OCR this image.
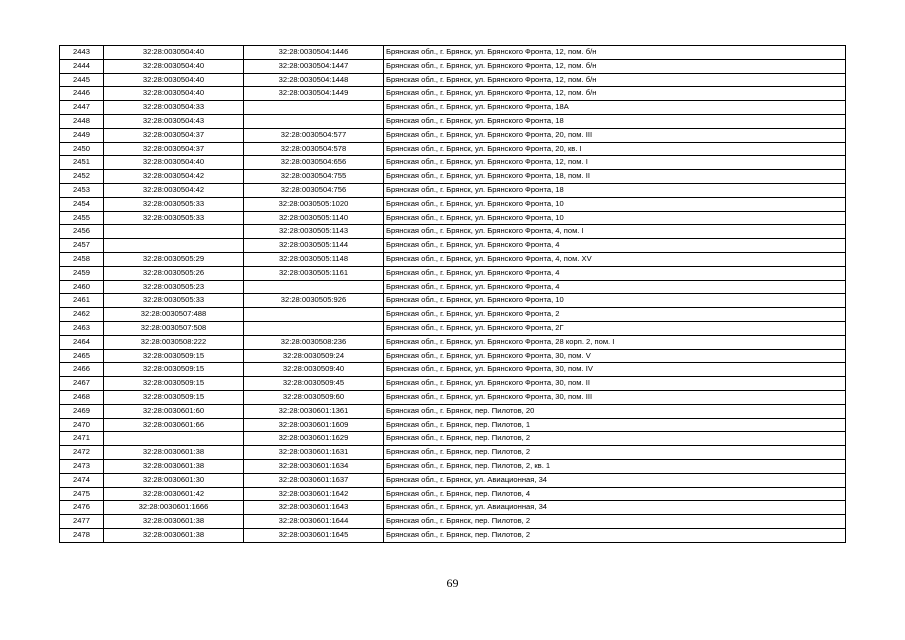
2443	32:28:0030504:40	32:28:0030504:1446	Брянская обл., г. Брянск, ул. Брянского Фронта, 12, пом. б/н
2444	32:28:0030504:40	32:28:0030504:1447	Брянская обл., г. Брянск, ул. Брянского Фронта, 12, пом. б/н
2445	32:28:0030504:40	32:28:0030504:1448	Брянская обл., г. Брянск, ул. Брянского Фронта, 12, пом. б/н
2446	32:28:0030504:40	32:28:0030504:1449	Брянская обл., г. Брянск, ул. Брянского Фронта, 12, пом. б/н
2447	32:28:0030504:33		Брянская обл., г. Брянск, ул. Брянского Фронта, 18А
2448	32:28:0030504:43		Брянская обл., г. Брянск, ул. Брянского Фронта, 18
2449	32:28:0030504:37	32:28:0030504:577	Брянская обл., г. Брянск, ул. Брянского Фронта, 20, пом. III
2450	32:28:0030504:37	32:28:0030504:578	Брянская обл., г. Брянск, ул. Брянского Фронта, 20, кв. I
2451	32:28:0030504:40	32:28:0030504:656	Брянская обл., г. Брянск, ул. Брянского Фронта, 12, пом. I
2452	32:28:0030504:42	32:28:0030504:755	Брянская обл., г. Брянск, ул. Брянского Фронта, 18, пом. II
2453	32:28:0030504:42	32:28:0030504:756	Брянская обл., г. Брянск, ул. Брянского Фронта, 18
2454	32:28:0030505:33	32:28:0030505:1020	Брянская обл., г. Брянск, ул. Брянского Фронта, 10
2455	32:28:0030505:33	32:28:0030505:1140	Брянская обл., г. Брянск, ул. Брянского Фронта, 10
2456		32:28:0030505:1143	Брянская обл., г. Брянск, ул. Брянского Фронта, 4, пом. I
2457		32:28:0030505:1144	Брянская обл., г. Брянск, ул. Брянского Фронта, 4
2458	32:28:0030505:29	32:28:0030505:1148	Брянская обл., г. Брянск, ул. Брянского Фронта, 4, пом. XV
2459	32:28:0030505:26	32:28:0030505:1161	Брянская обл., г. Брянск, ул. Брянского Фронта, 4
2460	32:28:0030505:23		Брянская обл., г. Брянск, ул. Брянского Фронта, 4
2461	32:28:0030505:33	32:28:0030505:926	Брянская обл., г. Брянск, ул. Брянского Фронта, 10
2462	32:28:0030507:488		Брянская обл., г. Брянск, ул. Брянского Фронта, 2
2463	32:28:0030507:508		Брянская обл., г. Брянск, ул. Брянского Фронта, 2Г
2464	32:28:0030508:222	32:28:0030508:236	Брянская обл., г. Брянск, ул. Брянского Фронта, 28 корп. 2, пом. I
2465	32:28:0030509:15	32:28:0030509:24	Брянская обл., г. Брянск, ул. Брянского Фронта, 30, пом. V
2466	32:28:0030509:15	32:28:0030509:40	Брянская обл., г. Брянск, ул. Брянского Фронта, 30, пом. IV
2467	32:28:0030509:15	32:28:0030509:45	Брянская обл., г. Брянск, ул. Брянского Фронта, 30, пом. II
2468	32:28:0030509:15	32:28:0030509:60	Брянская обл., г. Брянск, ул. Брянского Фронта, 30, пом. III
2469	32:28:0030601:60	32:28:0030601:1361	Брянская обл., г. Брянск, пер. Пилотов, 20
2470	32:28:0030601:66	32:28:0030601:1609	Брянская обл., г. Брянск, пер. Пилотов, 1
2471		32:28:0030601:1629	Брянская обл., г. Брянск, пер. Пилотов, 2
2472	32:28:0030601:38	32:28:0030601:1631	Брянская обл., г. Брянск, пер. Пилотов, 2
2473	32:28:0030601:38	32:28:0030601:1634	Брянская обл., г. Брянск, пер. Пилотов, 2, кв. 1
2474	32:28:0030601:30	32:28:0030601:1637	Брянская обл., г. Брянск, ул. Авиационная, 34
2475	32:28:0030601:42	32:28:0030601:1642	Брянская обл., г. Брянск, пер. Пилотов, 4
2476	32:28:0030601:1666	32:28:0030601:1643	Брянская обл., г. Брянск, ул. Авиационная, 34
2477	32:28:0030601:38	32:28:0030601:1644	Брянская обл., г. Брянск, пер. Пилотов, 2
2478	32:28:0030601:38	32:28:0030601:1645	Брянская обл., г. Брянск, пер. Пилотов, 2
69
